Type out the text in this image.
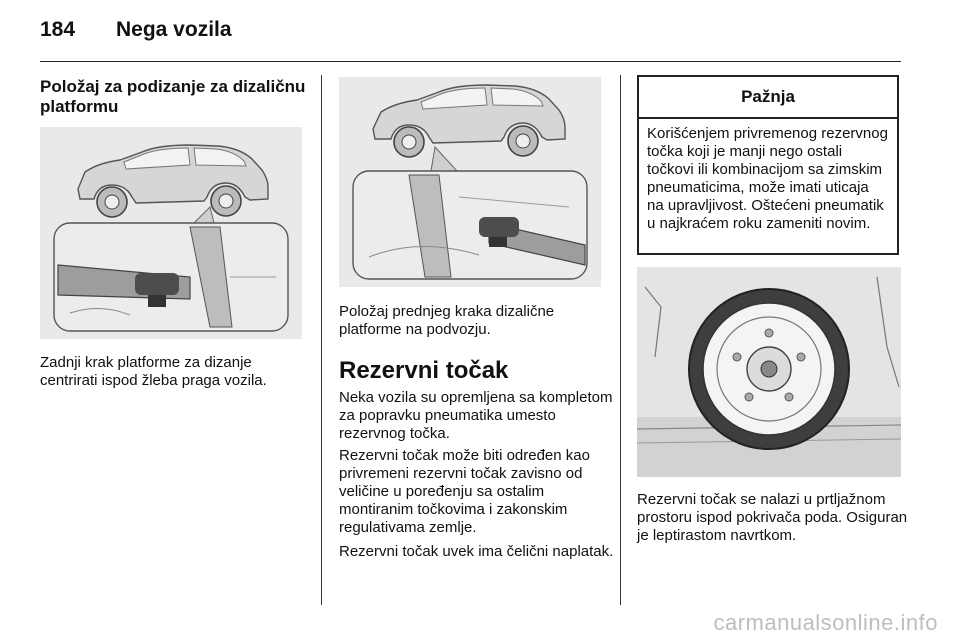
184 Nega vozila
Položaj za podizanje za dizaličnu platformu
Zadnji krak platforme za dizanje centrirati ispod žleba praga vozila.
Položaj prednjeg kraka dizalične platforme na podvozju.
Rezervni točak
Neka vozila su opremljena sa kompletom za popravku pneumatika umesto rezervnog točka.
Rezervni točak može biti određen kao privremeni rezervni točak zavisno od veličine u poređenju sa ostalim montiranim točkovima i zakonskim regulativama zemlje.
Rezervni točak uvek ima čelični naplatak.
Pažnja
Korišćenjem privremenog rezervnog točka koji je manji nego ostali točkovi ili kombinacijom sa zimskim pneumaticima, može imati uticaja na upravljivost. Oštećeni pneumatik u najkraćem roku zameniti novim.
Rezervni točak se nalazi u prtljažnom prostoru ispod pokrivača poda. Osiguran je leptirastom navrtkom.
carmanualsonline.info
